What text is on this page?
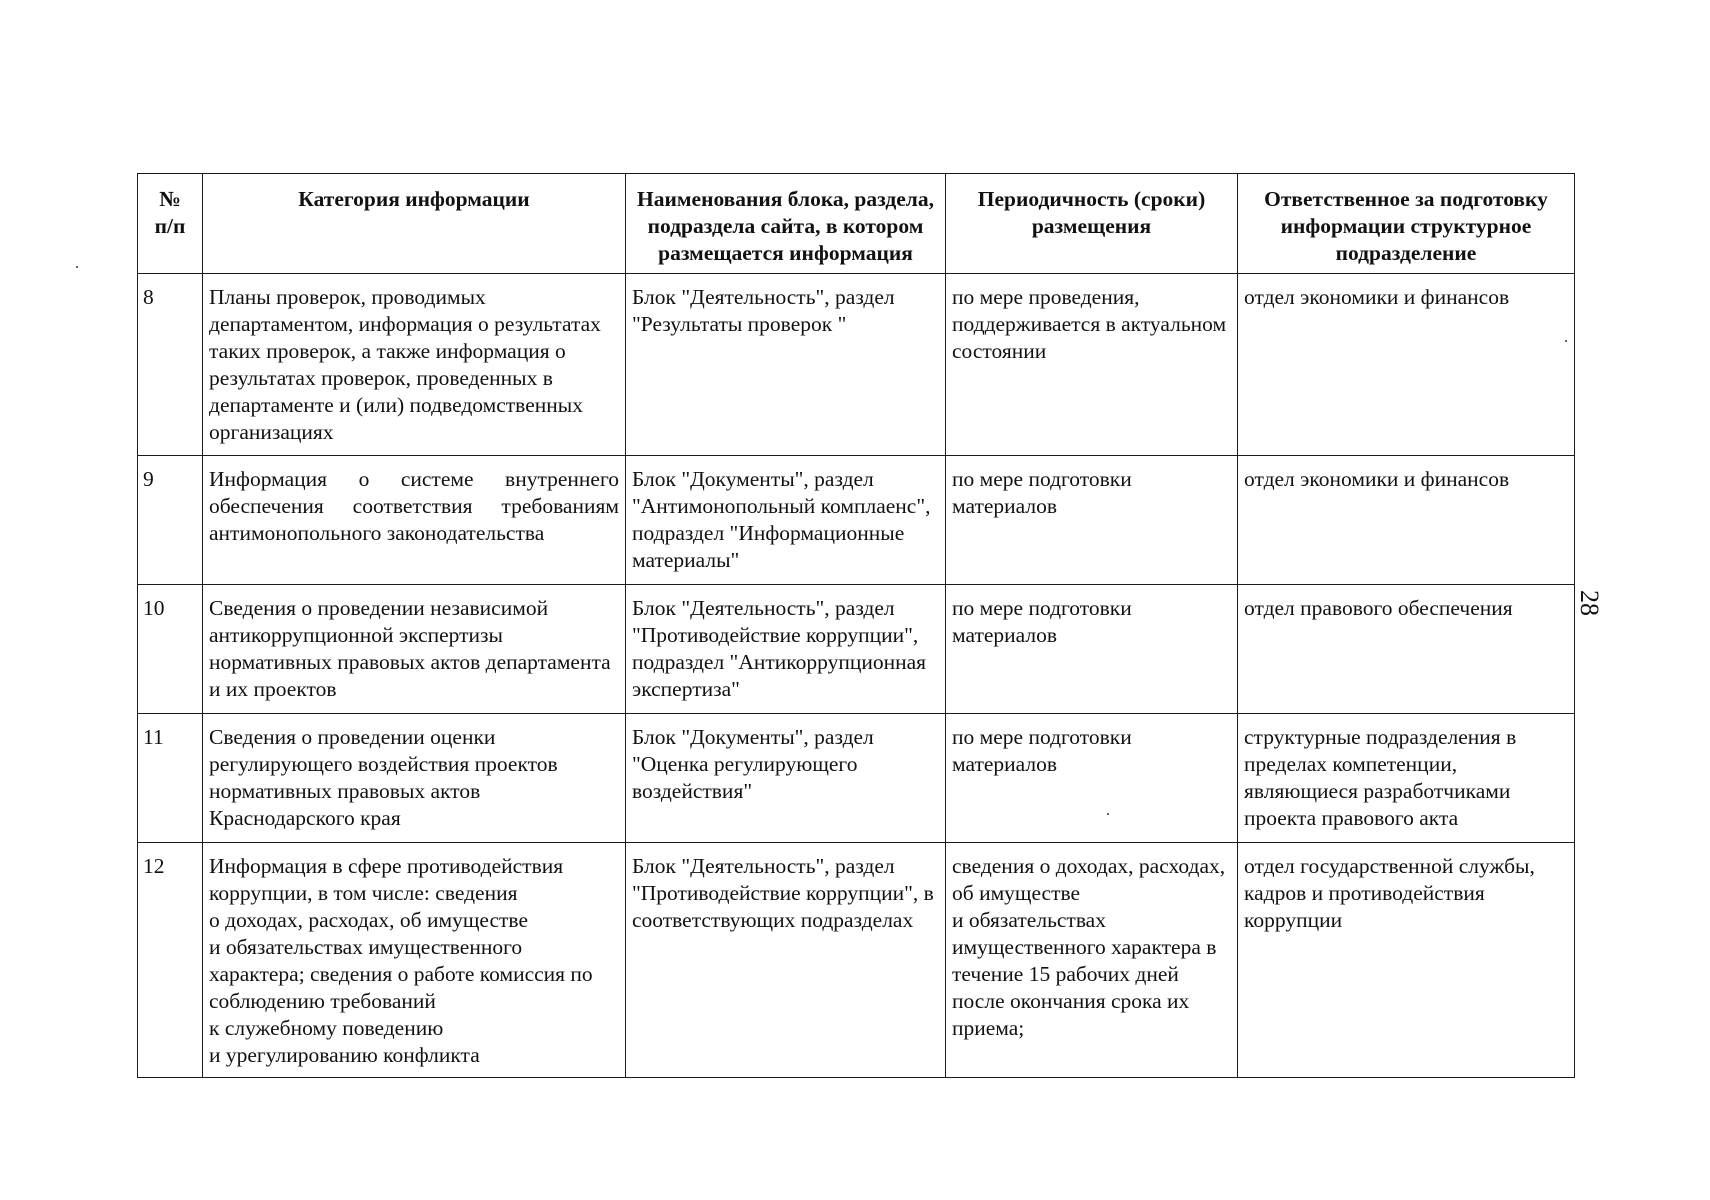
№
п/п	Категория информации	Наименования блока, раздела, подраздела сайта, в котором размещается информация	Периодичность (сроки) размещения	Ответственное за подготовку информации структурное подразделение
8	Планы проверок, проводимых департаментом, информация о результатах таких проверок, а также информация о результатах проверок, проведенных в департаменте и (или) подведомственных организациях	Блок "Деятельность", раздел "Результаты проверок "	по мере проведения, поддерживается в актуальном состоянии	отдел экономики и финансов

9	Информация о системе внутреннего обеспечения соответствия требованиям антимонопольного законодательства	Блок "Документы", раздел "Антимонопольный комплаенс", подраздел "Информационные материалы"	по мере подготовки материалов	отдел экономики и финансов

10	Сведения о проведении независимой антикоррупционной экспертизы нормативных правовых актов департамента и их проектов	Блок "Деятельность", раздел "Противодействие коррупции", подраздел "Антикоррупционная экспертиза"	по мере подготовки материалов	отдел правового обеспечения

11	Сведения о проведении оценки регулирующего воздействия проектов нормативных правовых актов Краснодарского края	Блок "Документы", раздел "Оценка регулирующего воздействия"	по мере подготовки материалов	структурные подразделения в пределах компетенции, являющиеся разработчиками проекта правового акта

12	Информация в сфере противодействия коррупции, в том числе: сведения
о доходах, расходах, об имуществе
и обязательствах имущественного характера; сведения о работе комиссия по соблюдению требований
к служебному поведению
и урегулированию конфликта	Блок "Деятельность", раздел "Противодействие коррупции", в соответствующих подразделах	сведения о доходах, расходах, об имуществе
и обязательствах имущественного характера в течение 15 рабочих дней после окончания срока их приема;	отдел государственной службы, кадров и противодействия коррупции
28
